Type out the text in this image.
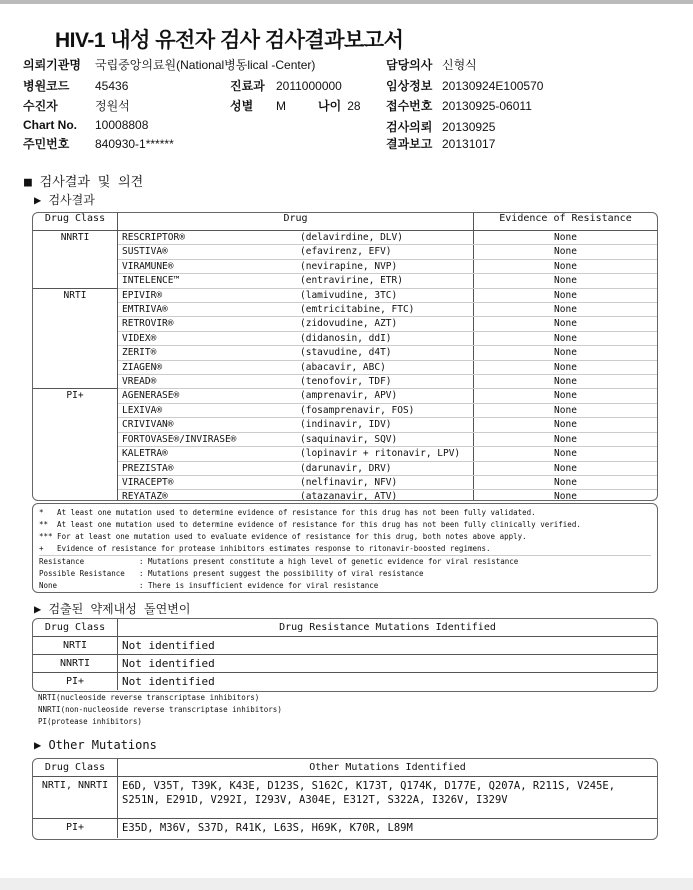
HIV-1 내성 유전자 검사 검사결과보고서
의뢰기관명 국립중앙의료원(National병동lical -Center)
병원코드 45436
수진자	정원석
Chart No. 10008808
주민번호 840930-1******
진료과 2011000000
성별 M	나이 28
담당의사 신형식
임상정보 20130924E100570
접수번호 20130925-06011
검사의뢰 20130925
결과보고 20131017
■ 검사결과 및 의견
▶ 검사결과
Drug Class	Drug		Evidence of Resistance
NNRTI	RESCRIPTOR®	(delavirdine, DLV)	None
	SUSTIVA®	(efavirenz, EFV)	None
	VIRAMUNE®	(nevirapine, NVP)	None
	INTELENCE™	(entravirine, ETR)	None
NRTI	EPIVIR®	(lamivudine, 3TC)	None
	EMTRIVA®	(emtricitabine, FTC)	None
	RETROVIR®	(zidovudine, AZT)	None
	VIDEX®	(didanosin, ddI)	None
	ZERIT®	(stavudine, d4T)	None
	ZIAGEN®	(abacavir, ABC)	None
	VREAD®	(tenofovir, TDF)	None
PI+	AGENERASE®	(amprenavir, APV)	None
	LEXIVA®	(fosamprenavir, FOS)	None
	CRIVIVAN®	(indinavir, IDV)	None
	FORTOVASE®/INVIRASE®	(saquinavir, SQV)	None
	KALETRA®	(lopinavir + ritonavir, LPV)	None
	PREZISTA®	(darunavir, DRV)	None
	VIRACEPT®	(nelfinavir, NFV)	None
	REYATAZ®	(atazanavir, ATV)	None

*   At least one mutation used to determine evidence of resistance for this drug has not been fully validated.
**  At least one mutation used to determine evidence of resistance for this drug has not been fully clinically verified.
*** For at least one mutation used to evaluate evidence of resistance for this drug, both notes above apply.
+   Evidence of resistance for protease inhibitors estimates response to ritonavir-boosted regimens.
Resistance	: Mutations present constitute a high level of genetic evidence for viral resistance
Possible Resistance : Mutations present suggest the possibility of viral resistance
None	: There is insufficient evidence for viral resistance
▶ 검출된 약제내성 돌연변이
Drug Class	Drug Resistance Mutations Identified
NRTI	Not identified
NNRTI	Not identified
PI+	Not identified
NRTI(nucleoside reverse transcriptase inhibitors)
NNRTI(non-nucleoside reverse transcriptase inhibitors)
PI(protease inhibitors)
▶ Other Mutations
Drug Class	Other Mutations Identified
NRTI, NNRTI	E6D, V35T, T39K, K43E, D123S, S162C, K173T, Q174K, D177E, Q207A, R211S, V245E, S251N, E291D, V292I, I293V, A304E, E312T, S322A, I326V, I329V
PI+	E35D, M36V, S37D, R41K, L63S, H69K, K70R, L89M
